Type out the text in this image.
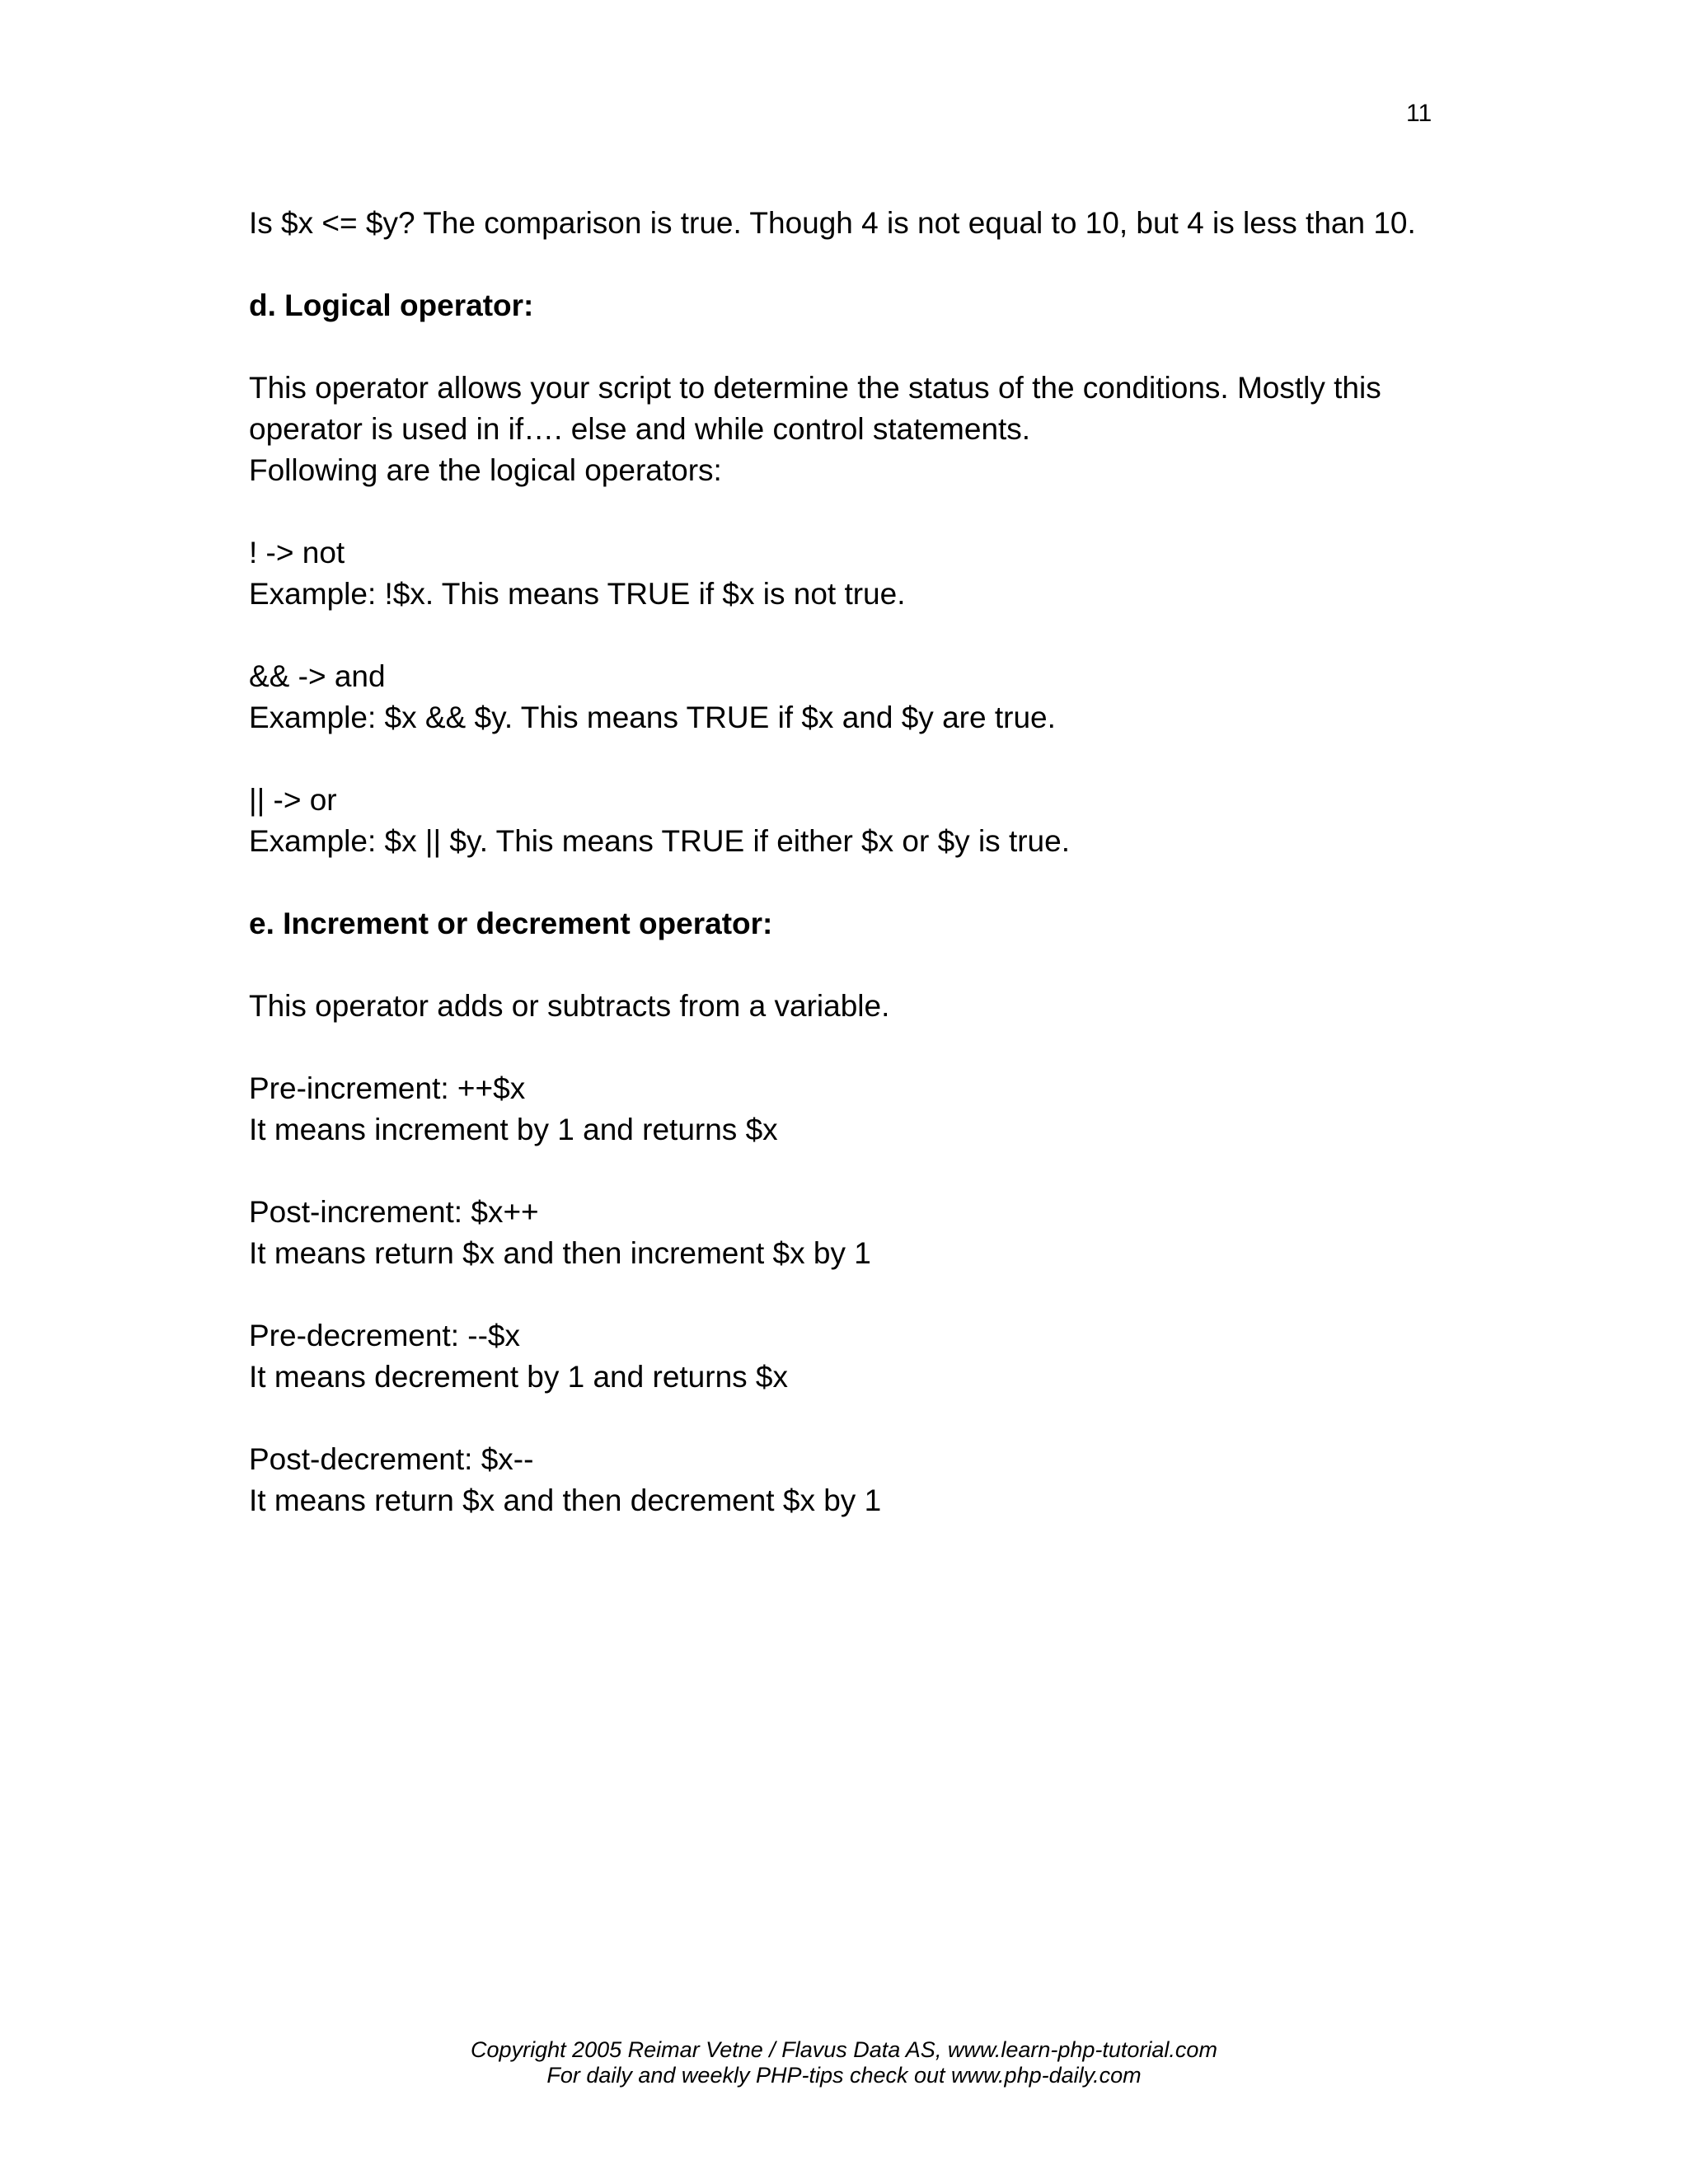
11
Is $x <= $y? The comparison is true. Though 4 is not equal to 10, but 4 is less than 10.
d. Logical operator:
This operator allows your script to determine the status of the conditions. Mostly this
operator is used in if…. else and while control statements.
Following are the logical operators:
! -> not
Example: !$x. This means TRUE if $x is not true.
&& -> and
Example: $x && $y. This means TRUE if $x and $y are true.
|| -> or
Example: $x || $y. This means TRUE if either $x or $y is true.
e. Increment or decrement operator:
This operator adds or subtracts from a variable.
Pre-increment: ++$x
It means increment by 1 and returns $x
Post-increment: $x++
It means return $x and then increment $x by 1
Pre-decrement: --$x
It means decrement by 1 and returns $x
Post-decrement: $x--
It means return $x and then decrement $x by 1
Copyright 2005 Reimar Vetne / Flavus Data AS, www.learn-php-tutorial.com
For daily and weekly PHP-tips check out www.php-daily.com
